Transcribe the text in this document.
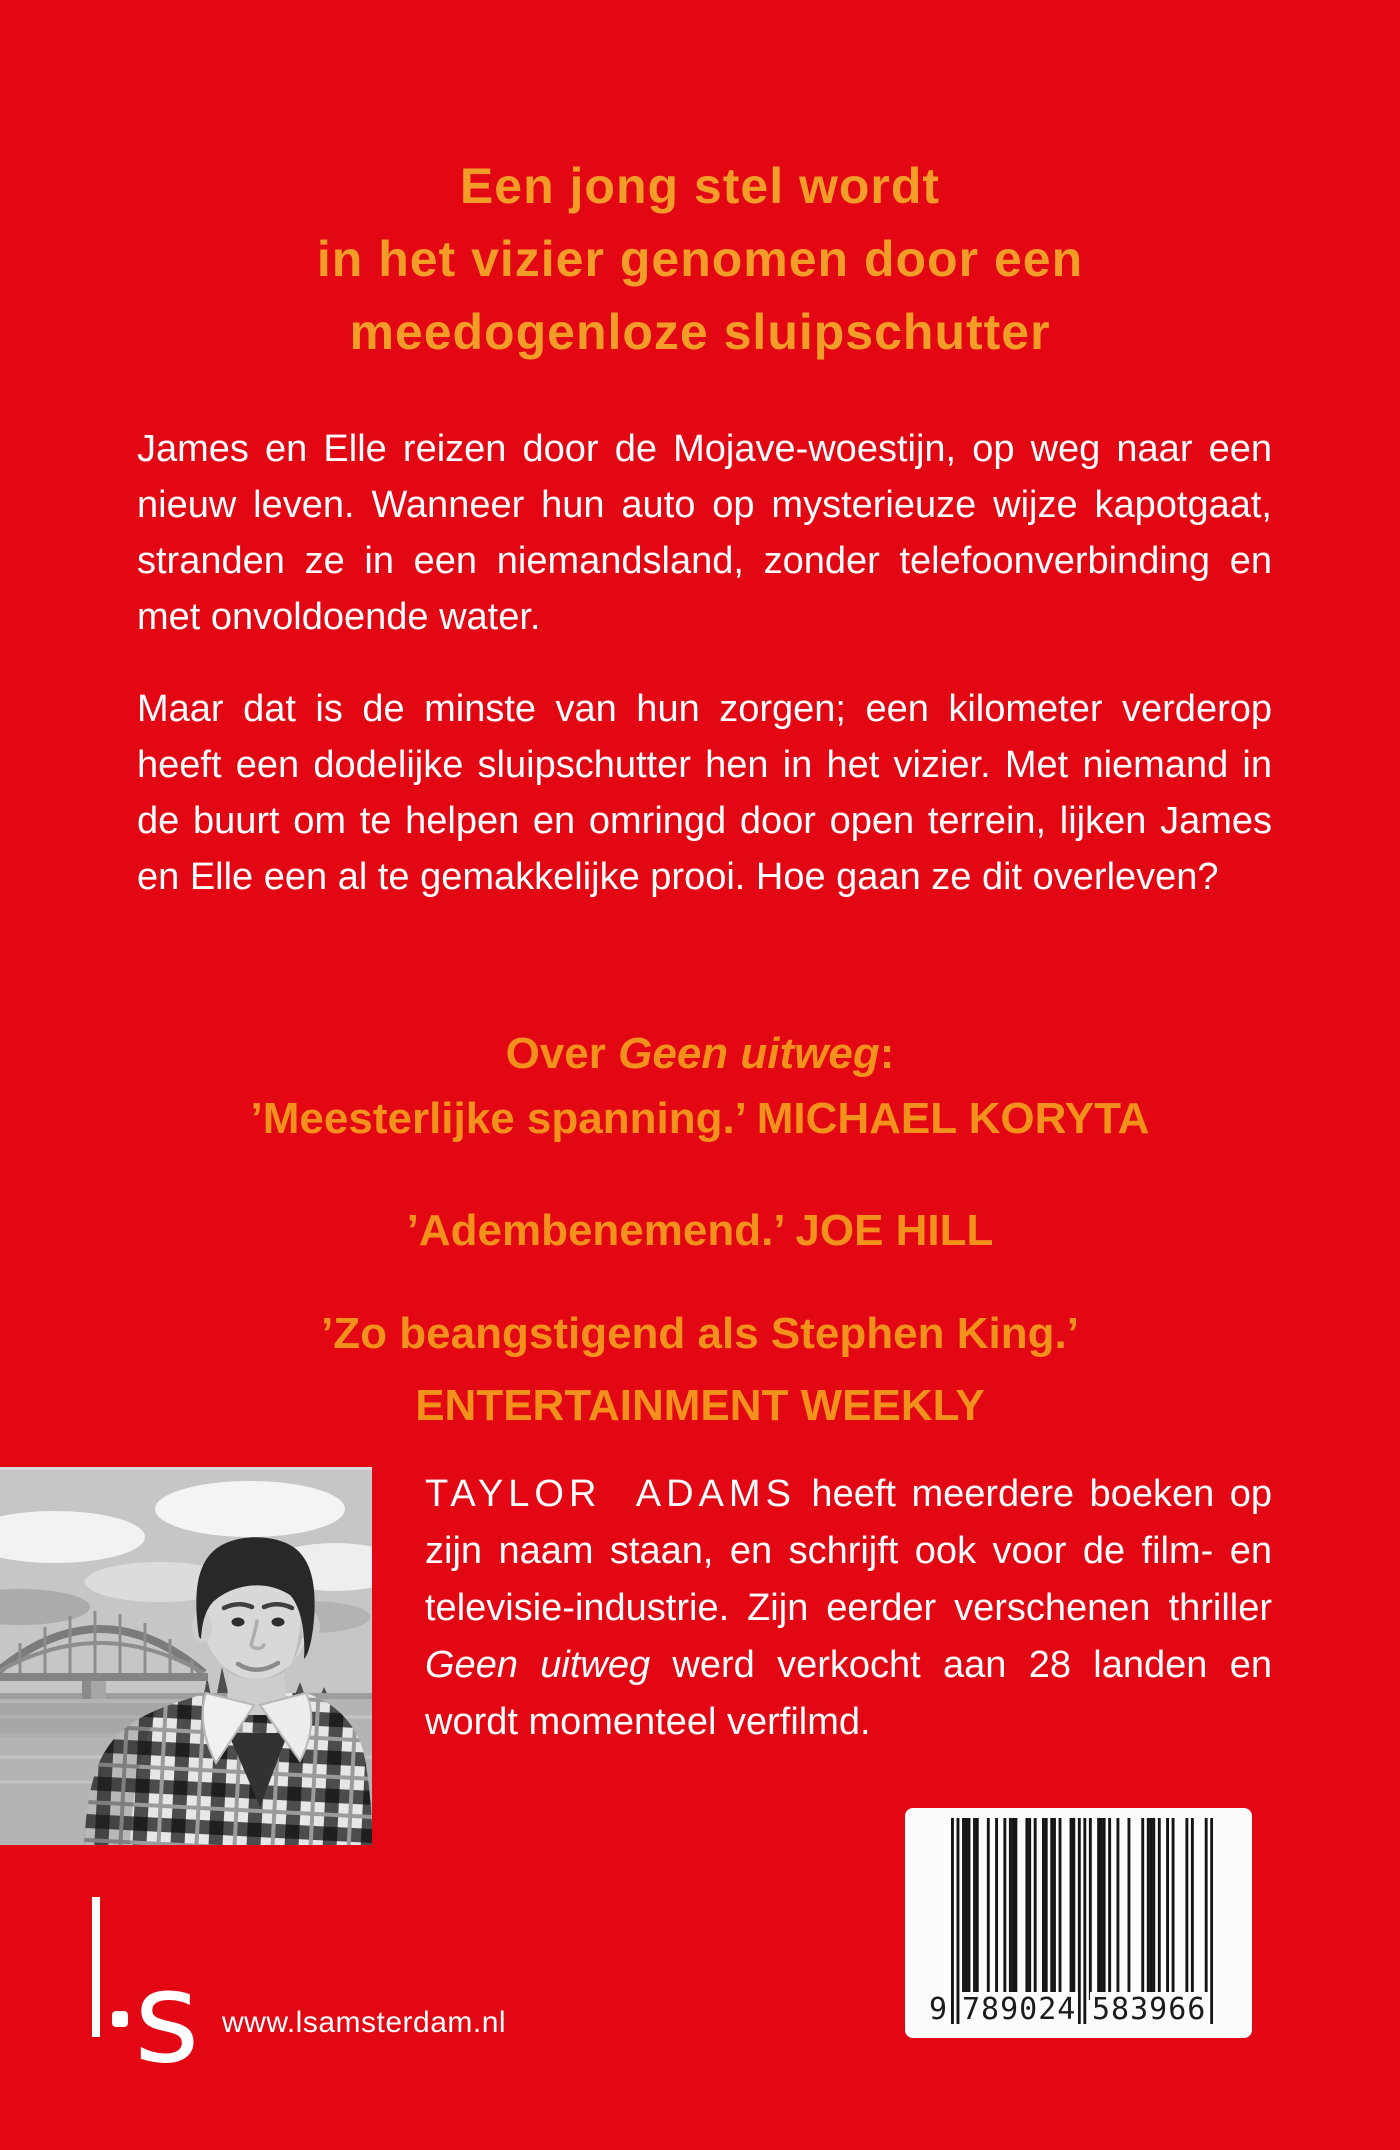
Een jong stel wordt
in het vizier genomen door een
meedogenloze sluipschutter

James en Elle reizen door de Mojave-woestijn, op weg naar een nieuw leven. Wanneer hun auto op mysterieuze wijze kapotgaat, stranden ze in een niemandsland, zonder telefoonverbinding en met onvoldoende water.

Maar dat is de minste van hun zorgen; een kilometer verderop heeft een dodelijke sluipschutter hen in het vizier. Met niemand in de buurt om te helpen en omringd door open terrein, lijken James en Elle een al te gemakkelijke prooi. Hoe gaan ze dit overleven?

Over Geen uitweg:
’Meesterlijke spanning.’ MICHAEL KORYTA
’Adembenemend.’ JOE HILL
’Zo beangstigend als Stephen King.’
ENTERTAINMENT WEEKLY

TAYLOR ADAMS heeft meerdere boeken op zijn naam staan, en schrijft ook voor de film- en televisie-industrie. Zijn eerder verschenen thriller Geen uitweg werd verkocht aan 28 landen en wordt momenteel verfilmd.

s www.lsamsterdam.nl	9 789024 583966
